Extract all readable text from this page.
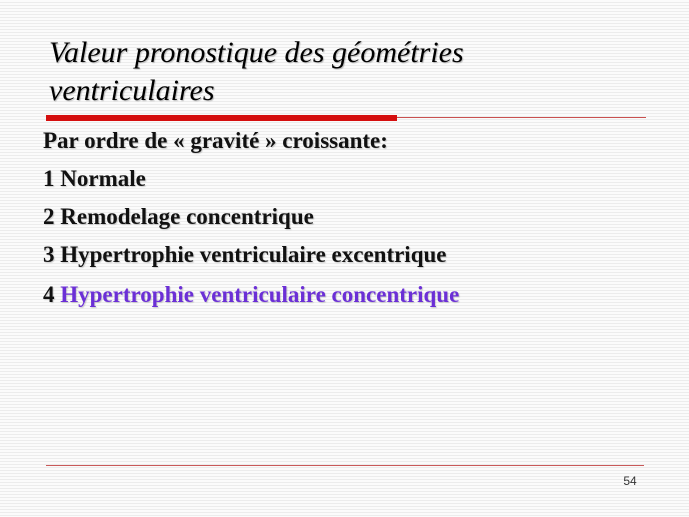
Valeur pronostique des géométries
ventriculaires
Par ordre de « gravité » croissante:
1 Normale
2 Remodelage concentrique
3 Hypertrophie ventriculaire excentrique
4 Hypertrophie ventriculaire concentrique
54
